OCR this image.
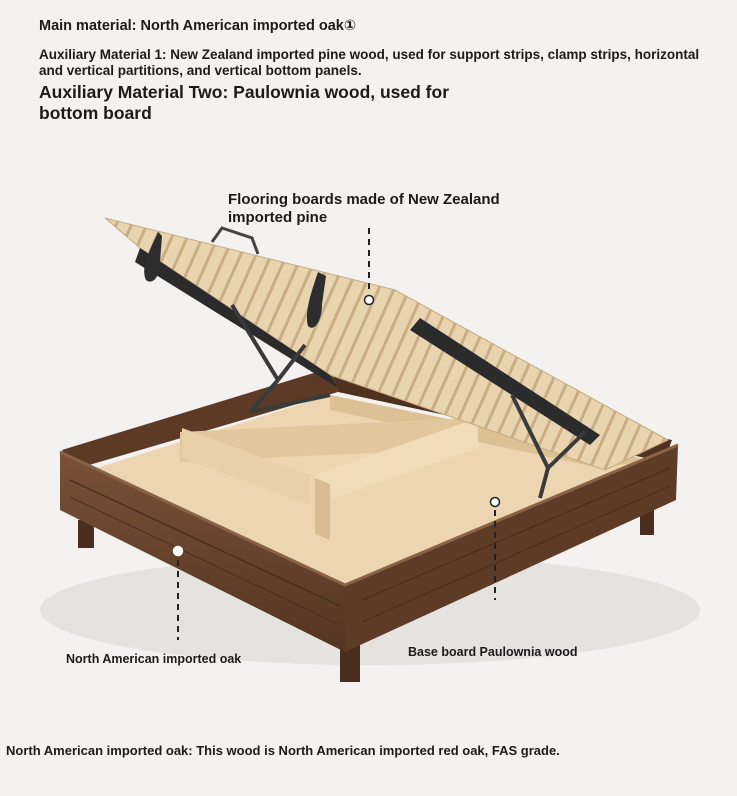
Main material: North American imported oak①
Auxiliary Material 1: New Zealand imported pine wood, used for support strips, clamp strips, horizontal and vertical partitions, and vertical bottom panels.
Auxiliary Material Two: Paulownia wood, used for bottom board
Flooring boards made of New Zealand imported pine
North American imported oak	Base board Paulownia wood
North American imported oak: This wood is North American imported red oak, FAS grade.
